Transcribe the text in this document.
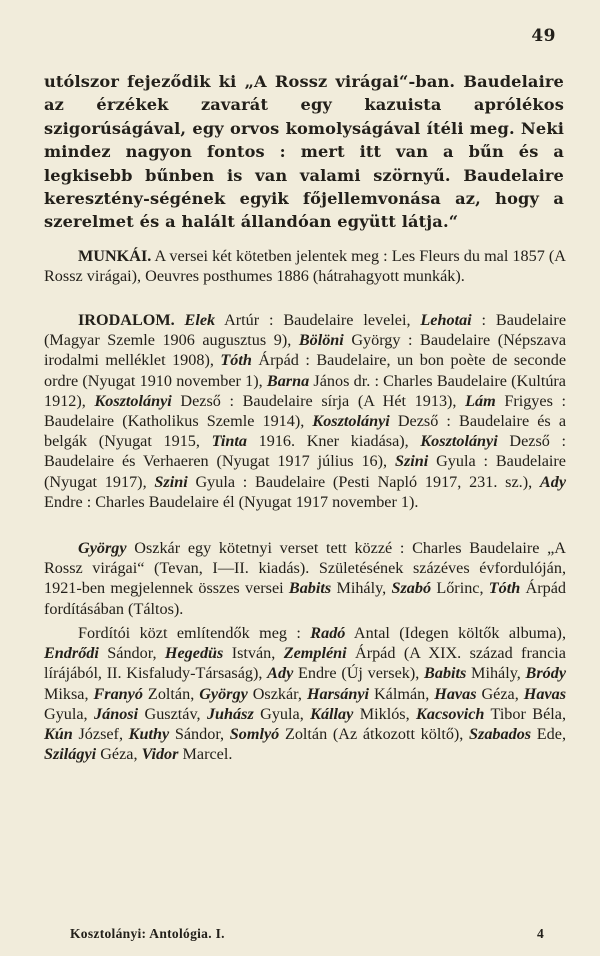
49

utólszor fejeződik ki „A Rossz virágai“-ban. Baudelaire az érzékek zavarát egy kazuista aprólékos szigorúságával, egy orvos komolyságával ítéli meg. Neki mindez nagyon fontos : mert itt van a bűn és a legkisebb bűnben is van valami szörnyű. Baudelaire keresztény-ségének egyik főjellemvonása az, hogy a szerelmet és a halált állandóan együtt látja.“

MUNKÁI. A versei két kötetben jelentek meg : Les Fleurs du mal 1857 (A Rossz virágai), Oeuvres posthumes 1886 (hátrahagyott munkák).

IRODALOM. Elek Artúr : Baudelaire levelei, Lehotai : Baudelaire (Magyar Szemle 1906 augusztus 9), Bölöni György : Baudelaire (Népszava irodalmi melléklet 1908), Tóth Árpád : Baudelaire, un bon poète de seconde ordre (Nyugat 1910 november 1), Barna János dr. : Charles Baudelaire (Kultúra 1912), Kosztolányi Dezső : Baudelaire sírja (A Hét 1913), Lám Frigyes : Baudelaire (Katholikus Szemle 1914), Kosztolányi Dezső : Baudelaire és a belgák (Nyugat 1915, Tinta 1916. Kner kiadása), Kosztolányi Dezső : Baudelaire és Verhaeren (Nyugat 1917 július 16), Szini Gyula : Baudelaire (Nyugat 1917), Szini Gyula : Baudelaire (Pesti Napló 1917, 231. sz.), Ady Endre : Charles Baudelaire él (Nyugat 1917 november 1).

György Oszkár egy kötetnyi verset tett közzé : Charles Baudelaire „A Rossz virágai“ (Tevan, I—II. kiadás). Születésének százéves évfordulóján, 1921-ben megjelennek összes versei Babits Mihály, Szabó Lőrinc, Tóth Árpád fordításában (Táltos).

Fordítói közt említendők meg : Radó Antal (Idegen költők albuma), Endrődi Sándor, Hegedüs István, Zempléni Árpád (A XIX. század francia lírájából, II. Kisfaludy-Társaság), Ady Endre (Új versek), Babits Mihály, Bródy Miksa, Franyó Zoltán, György Oszkár, Harsányi Kálmán, Havas Géza, Havas Gyula, Jánosi Gusztáv, Juhász Gyula, Kállay Miklós, Kacsovich Tibor Béla, Kún József, Kuthy Sándor, Somlyó Zoltán (Az átkozott költő), Szabados Ede, Szilágyi Géza, Vidor Marcel.

Kosztolányi: Antológia. I.	4
